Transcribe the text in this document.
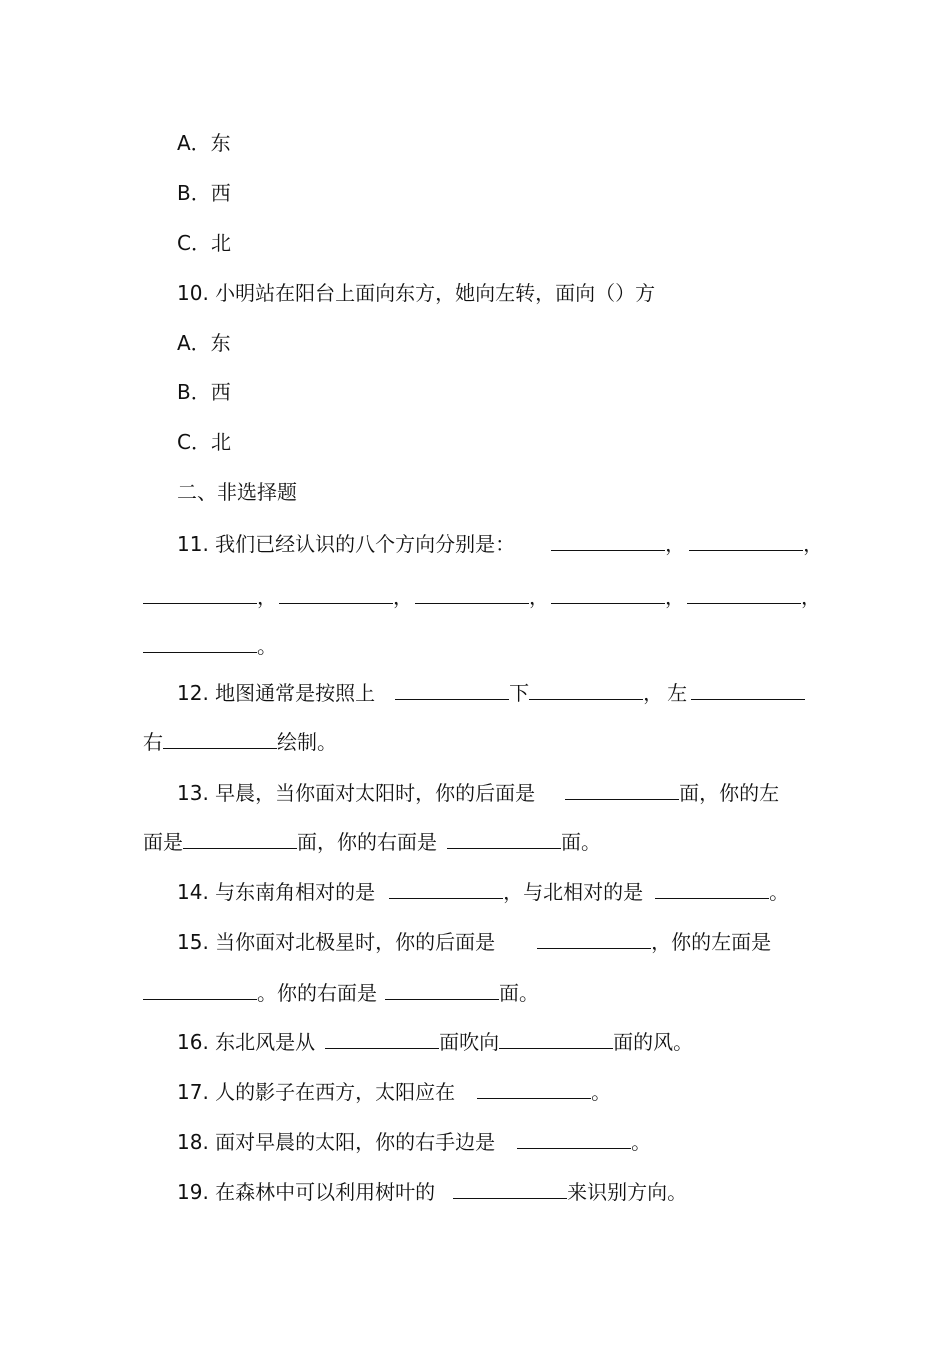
A．东
B．西
C．北
10. 小明站在阳台上面向东方，她向左转，面向（）方
A．东
B．西
C．北
二、非选择题
11. 我们已经认识的八个方向分别是：	，	，
，	，	，	，	，
。
12. 地图通常是按照上	下	， 左
右	绘制。
13. 早晨，当你面对太阳时，你的后面是	面，你的左
面是	面，你的右面是	面。
14. 与东南角相对的是	，与北相对的是	。
15. 当你面对北极星时，你的后面是	，你的左面是
。你的右面是	面。
16. 东北风是从	面吹向	面的风。
17. 人的影子在西方，太阳应在	。
18. 面对早晨的太阳，你的右手边是	。
19. 在森林中可以利用树叶的	来识别方向。
